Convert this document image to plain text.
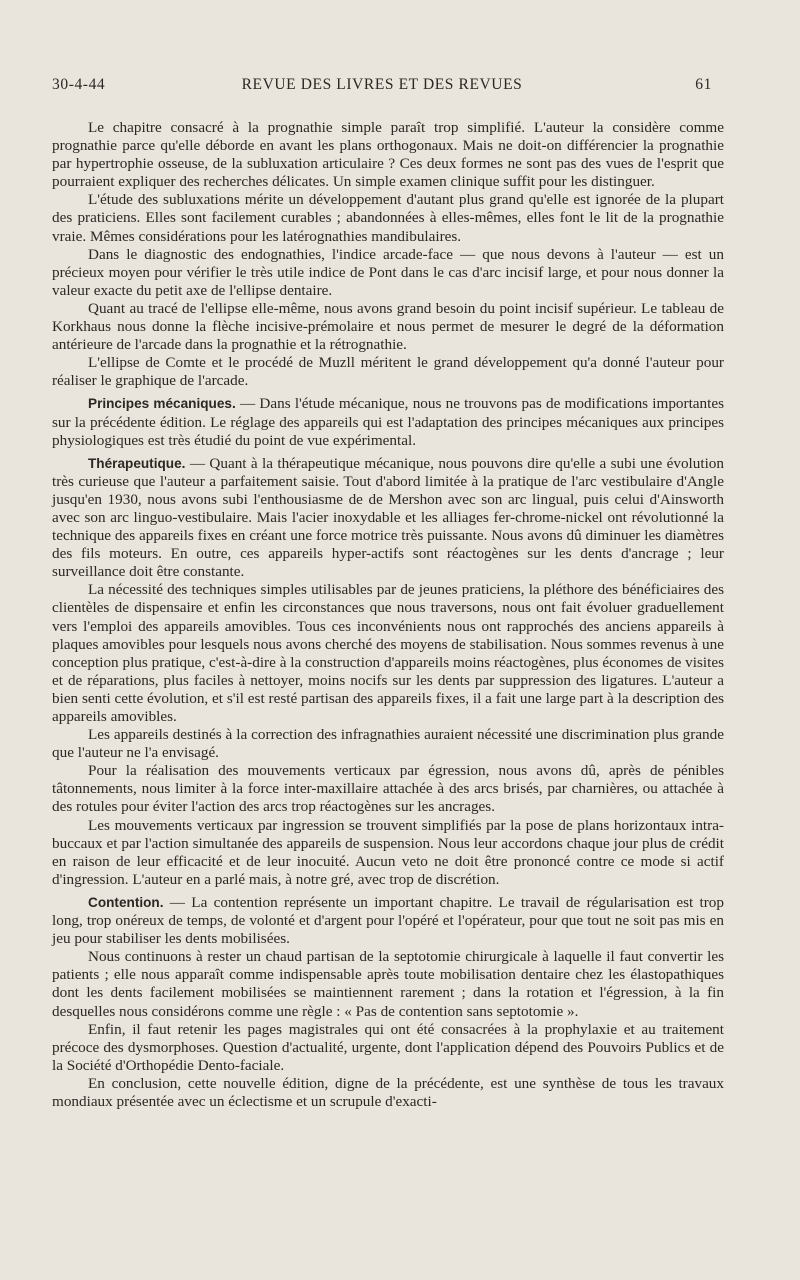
30-4-44	REVUE DES LIVRES ET DES REVUES	61

Le chapitre consacré à la prognathie simple paraît trop simplifié. L'auteur la considère comme prognathie parce qu'elle déborde en avant les plans orthogonaux. Mais ne doit-on différencier la prognathie par hypertrophie osseuse, de la subluxation articulaire ? Ces deux formes ne sont pas des vues de l'esprit que pourraient expliquer des recherches délicates. Un simple examen clinique suffit pour les distinguer.

L'étude des subluxations mérite un développement d'autant plus grand qu'elle est ignorée de la plupart des praticiens. Elles sont facilement curables ; abandonnées à elles-mêmes, elles font le lit de la prognathie vraie. Mêmes considérations pour les latérognathies mandibulaires.

Dans le diagnostic des endognathies, l'indice arcade-face — que nous devons à l'auteur — est un précieux moyen pour vérifier le très utile indice de Pont dans le cas d'arc incisif large, et pour nous donner la valeur exacte du petit axe de l'ellipse dentaire.

Quant au tracé de l'ellipse elle-même, nous avons grand besoin du point incisif supérieur. Le tableau de Korkhaus nous donne la flèche incisive-prémolaire et nous permet de mesurer le degré de la déformation antérieure de l'arcade dans la prognathie et la rétrognathie.

L'ellipse de Comte et le procédé de Muzll méritent le grand développement qu'a donné l'auteur pour réaliser le graphique de l'arcade.

Principes mécaniques. — Dans l'étude mécanique, nous ne trouvons pas de modifications importantes sur la précédente édition. Le réglage des appareils qui est l'adaptation des principes mécaniques aux principes physiologiques est très étudié du point de vue expérimental.

Thérapeutique. — Quant à la thérapeutique mécanique, nous pouvons dire qu'elle a subi une évolution très curieuse que l'auteur a parfaitement saisie. Tout d'abord limitée à la pratique de l'arc vestibulaire d'Angle jusqu'en 1930, nous avons subi l'enthousiasme de de Mershon avec son arc lingual, puis celui d'Ainsworth avec son arc linguo-vestibulaire. Mais l'acier inoxydable et les alliages fer-chrome-nickel ont révolutionné la technique des appareils fixes en créant une force motrice très puissante. Nous avons dû diminuer les diamètres des fils moteurs. En outre, ces appareils hyper-actifs sont réactogènes sur les dents d'ancrage ; leur surveillance doit être constante.

La nécessité des techniques simples utilisables par de jeunes praticiens, la pléthore des bénéficiaires des clientèles de dispensaire et enfin les circonstances que nous traversons, nous ont fait évoluer graduellement vers l'emploi des appareils amovibles. Tous ces inconvénients nous ont rapprochés des anciens appareils à plaques amovibles pour lesquels nous avons cherché des moyens de stabilisation. Nous sommes revenus à une conception plus pratique, c'est-à-dire à la construction d'appareils moins réactogènes, plus économes de visites et de réparations, plus faciles à nettoyer, moins nocifs sur les dents par suppression des ligatures. L'auteur a bien senti cette évolution, et s'il est resté partisan des appareils fixes, il a fait une large part à la description des appareils amovibles.

Les appareils destinés à la correction des infragnathies auraient nécessité une discrimination plus grande que l'auteur ne l'a envisagé.

Pour la réalisation des mouvements verticaux par égression, nous avons dû, après de pénibles tâtonnements, nous limiter à la force inter-maxillaire attachée à des arcs brisés, par charnières, ou attachée à des rotules pour éviter l'action des arcs trop réactogènes sur les ancrages.

Les mouvements verticaux par ingression se trouvent simplifiés par la pose de plans horizontaux intra-buccaux et par l'action simultanée des appareils de suspension. Nous leur accordons chaque jour plus de crédit en raison de leur efficacité et de leur inocuité. Aucun veto ne doit être prononcé contre ce mode si actif d'ingression. L'auteur en a parlé mais, à notre gré, avec trop de discrétion.

Contention. — La contention représente un important chapitre. Le travail de régularisation est trop long, trop onéreux de temps, de volonté et d'argent pour l'opéré et l'opérateur, pour que tout ne soit pas mis en jeu pour stabiliser les dents mobilisées.

Nous continuons à rester un chaud partisan de la septotomie chirurgicale à laquelle il faut convertir les patients ; elle nous apparaît comme indispensable après toute mobilisation dentaire chez les élastopathiques dont les dents facilement mobilisées se maintiennent rarement ; dans la rotation et l'égression, à la fin desquelles nous considérons comme une règle : « Pas de contention sans septotomie ».

Enfin, il faut retenir les pages magistrales qui ont été consacrées à la prophylaxie et au traitement précoce des dysmorphoses. Question d'actualité, urgente, dont l'application dépend des Pouvoirs Publics et de la Société d'Orthopédie Dento-faciale.

En conclusion, cette nouvelle édition, digne de la précédente, est une synthèse de tous les travaux mondiaux présentée avec un éclectisme et un scrupule d'exacti-
